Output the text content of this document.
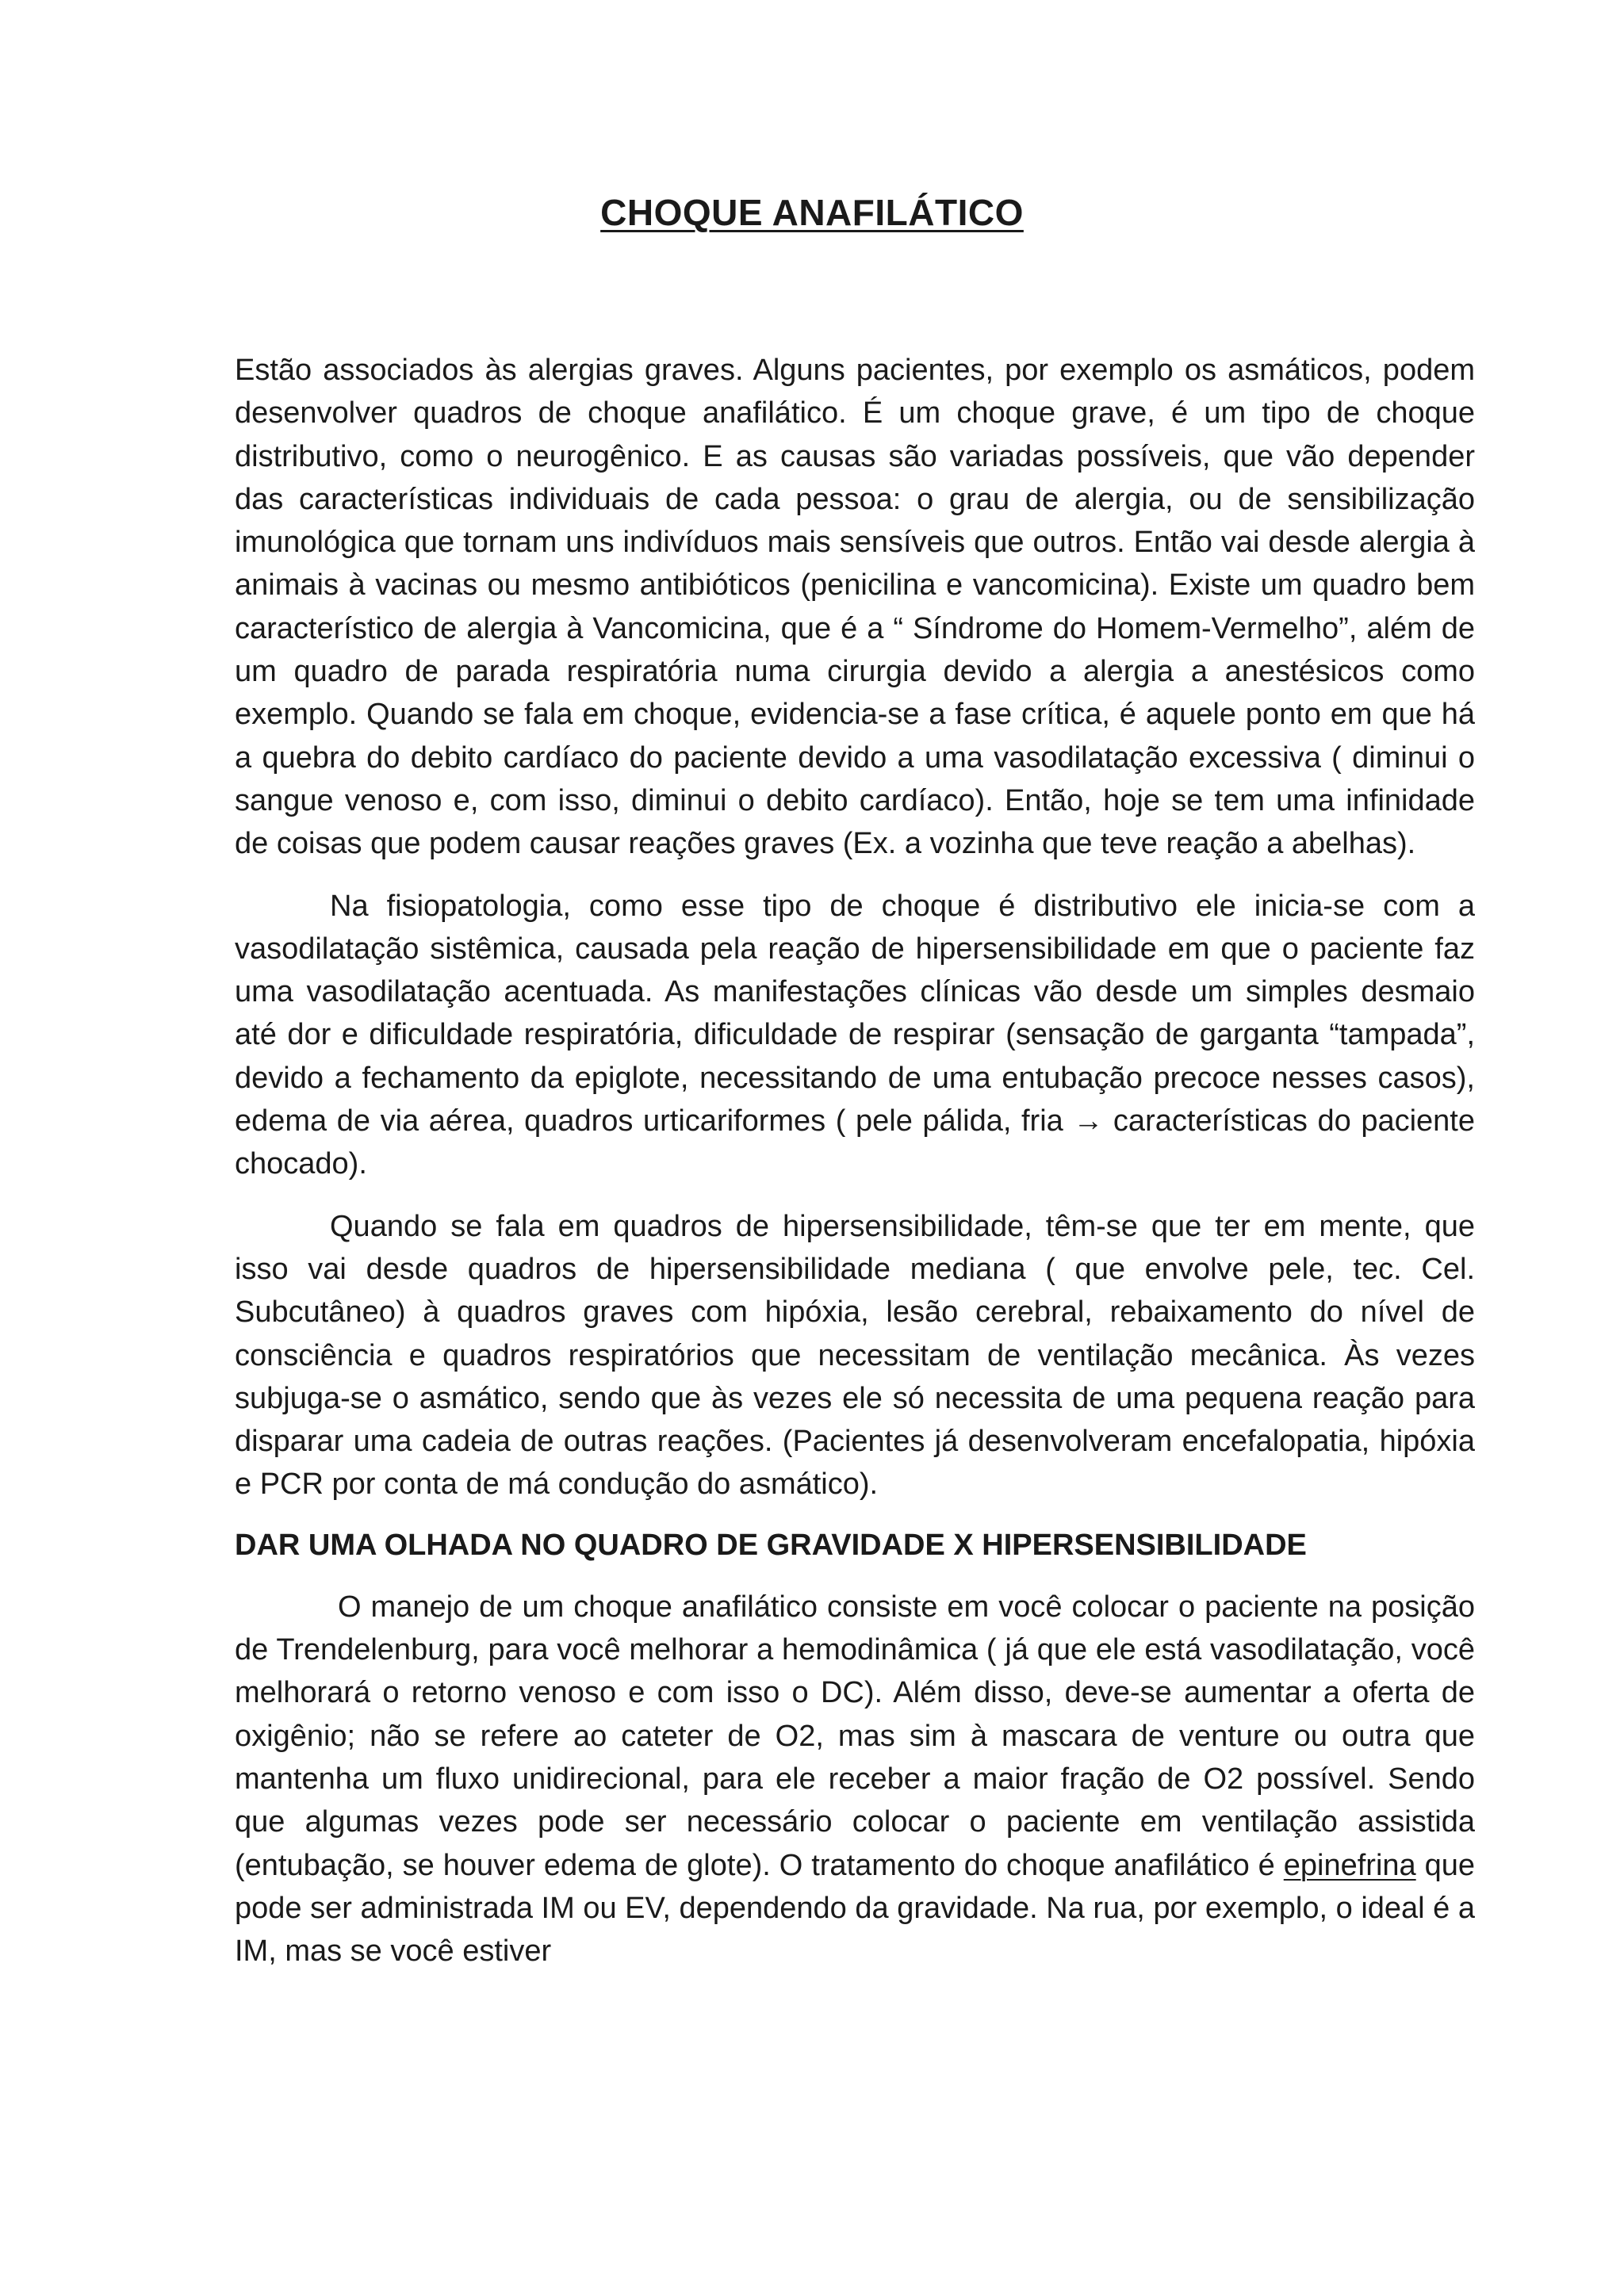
CHOQUE ANAFILÁTICO

Estão associados às alergias graves. Alguns pacientes, por exemplo os asmáticos, podem desenvolver quadros de choque anafilático. É um choque grave, é um tipo de choque distributivo, como o neurogênico. E as causas são variadas possíveis, que vão depender das características individuais de cada pessoa: o grau de alergia, ou de sensibilização imunológica que tornam uns indivíduos mais sensíveis que outros. Então vai desde alergia à animais à vacinas ou mesmo antibióticos (penicilina e vancomicina). Existe um quadro bem característico de alergia à Vancomicina, que é a “ Síndrome do Homem-Vermelho”, além de um quadro de parada respiratória numa cirurgia devido a alergia a anestésicos como exemplo. Quando se fala em choque, evidencia-se a fase crítica, é aquele ponto em que há a quebra do debito cardíaco do paciente devido a uma vasodilatação excessiva ( diminui o sangue venoso e, com isso, diminui o debito cardíaco). Então, hoje se tem uma infinidade de coisas que podem causar reações graves (Ex. a vozinha que teve reação a abelhas).

Na fisiopatologia, como esse tipo de choque é distributivo ele inicia-se com a vasodilatação sistêmica, causada pela reação de hipersensibilidade em que o paciente faz uma vasodilatação acentuada. As manifestações clínicas vão desde um simples desmaio até dor e dificuldade respiratória, dificuldade de respirar (sensação de garganta “tampada”, devido a fechamento da epiglote, necessitando de uma entubação precoce nesses casos), edema de via aérea, quadros urticariformes ( pele pálida, fria → características do paciente chocado).

Quando se fala em quadros de hipersensibilidade, têm-se que ter em mente, que isso vai desde quadros de hipersensibilidade mediana ( que envolve pele, tec. Cel. Subcutâneo) à quadros graves com hipóxia, lesão cerebral, rebaixamento do nível de consciência e quadros respiratórios que necessitam de ventilação mecânica. Às vezes subjuga-se o asmático, sendo que às vezes ele só necessita de uma pequena reação para disparar uma cadeia de outras reações. (Pacientes já desenvolveram encefalopatia, hipóxia e PCR por conta de má condução do asmático).

DAR UMA OLHADA NO QUADRO DE GRAVIDADE X HIPERSENSIBILIDADE

O manejo de um choque anafilático consiste em você colocar o paciente na posição de Trendelenburg, para você melhorar a hemodinâmica ( já que ele está vasodilatação, você melhorará o retorno venoso e com isso o DC). Além disso, deve-se aumentar a oferta de oxigênio; não se refere ao cateter de O2, mas sim à mascara de venture ou outra que mantenha um fluxo unidirecional, para ele receber a maior fração de O2 possível. Sendo que algumas vezes pode ser necessário colocar o paciente em ventilação assistida (entubação, se houver edema de glote). O tratamento do choque anafilático é epinefrina que pode ser administrada IM ou EV, dependendo da gravidade. Na rua, por exemplo, o ideal é a IM, mas se você estiver
